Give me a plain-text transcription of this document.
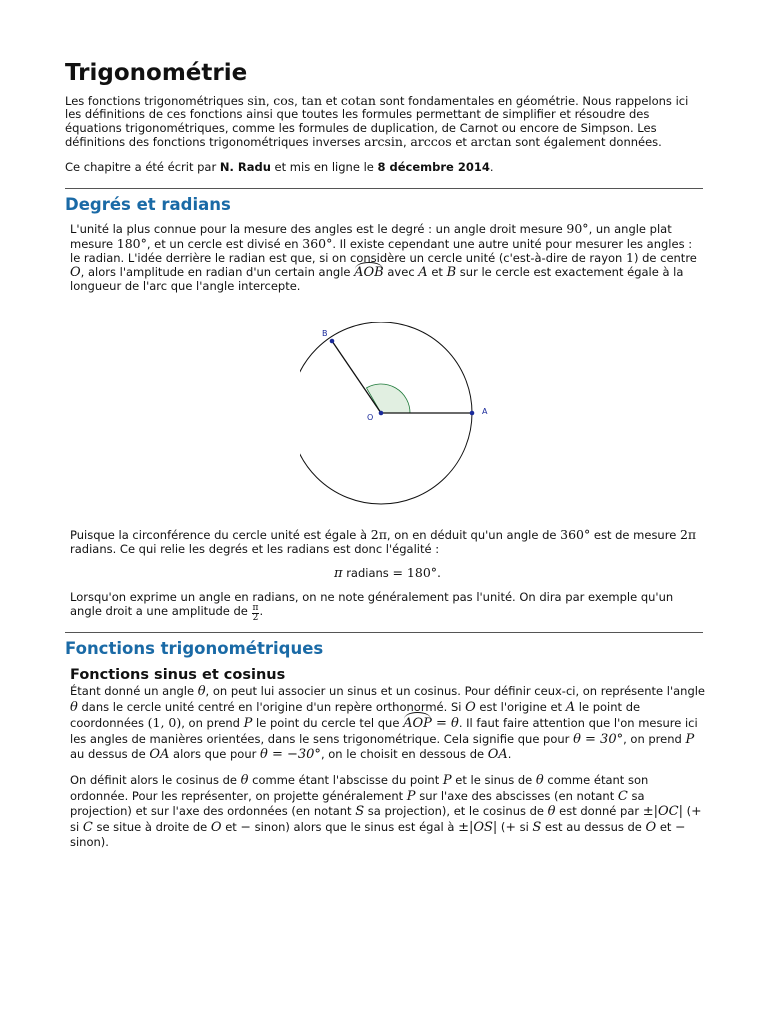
Trigonométrie

Les fonctions trigonométriques sin, cos, tan et cotan sont fondamentales en géométrie. Nous rappelons ici les définitions de ces fonctions ainsi que toutes les formules permettant de simplifier et résoudre des équations trigonométriques, comme les formules de duplication, de Carnot ou encore de Simpson. Les définitions des fonctions trigonométriques inverses arcsin, arccos et arctan sont également données.

Ce chapitre a été écrit par N. Radu et mis en ligne le 8 décembre 2014.

Degrés et radians

L'unité la plus connue pour la mesure des angles est le degré : un angle droit mesure 90°, un angle plat mesure 180°, et un cercle est divisé en 360°. Il existe cependant une autre unité pour mesurer les angles : le radian. L'idée derrière le radian est que, si on considère un cercle unité (c'est-à-dire de rayon 1) de centre O, alors l'amplitude en radian d'un certain angle AOB avec A et B sur le cercle est exactement égale à la longueur de l'arc que l'angle intercepte.

B
O
A

Puisque la circonférence du cercle unité est égale à 2π, on en déduit qu'un angle de 360° est de mesure 2π radians. Ce qui relie les degrés et les radians est donc l'égalité :

π radians = 180°.

Lorsqu'on exprime un angle en radians, on ne note généralement pas l'unité. On dira par exemple qu'un angle droit a une amplitude de $\frac{\pi}{2}$ .

Fonctions trigonométriques
Fonctions sinus et cosinus

Étant donné un angle θ, on peut lui associer un sinus et un cosinus. Pour définir ceux-ci, on représente l'angle θ dans le cercle unité centré en l'origine d'un repère orthonormé. Si O est l'origine et A le point de coordonnées (1, 0), on prend P le point du cercle tel que AOP = θ. Il faut faire attention que l'on mesure ici les angles de manières orientées, dans le sens trigonométrique. Cela signifie que pour θ = 30°, on prend P au dessus de OA alors que pour θ = −30°, on le choisit en dessous de OA.

On définit alors le cosinus de θ comme étant l'abscisse du point P et le sinus de θ comme étant son ordonnée. Pour les représenter, on projette généralement P sur l'axe des abscisses (en notant C sa projection) et sur l'axe des ordonnées (en notant S sa projection), et le cosinus de θ est donné par ±|OC| (+ si C se situe à droite de O et − sinon) alors que le sinus est égal à ±|OS| (+ si S est au dessus de O et − sinon).
